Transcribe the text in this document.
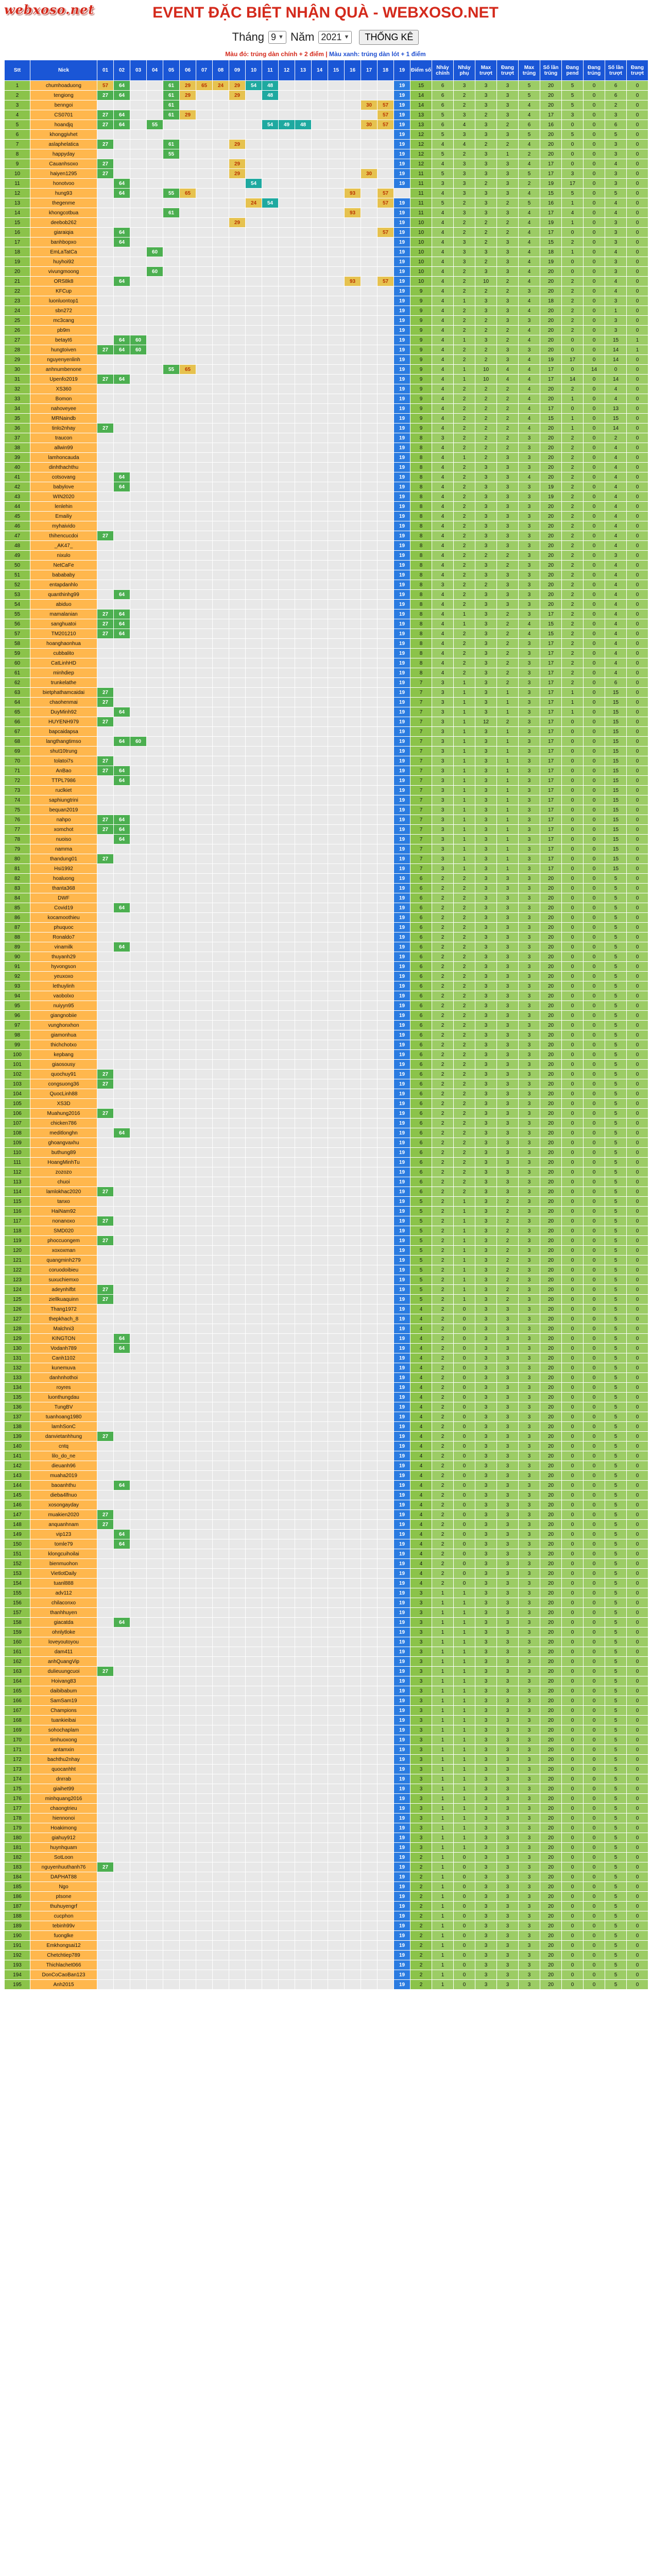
webxoso.net	EVENT ĐẶC BIỆT NHẬN QUÀ - WEBXOSO.NET
Tháng 9 ▼ Năm 2021 ▼	THỐNG KÊ
Màu đỏ: trúng dàn chính + 2 điểm | Màu xanh: trúng dàn lót + 1 điểm
Stt	Nick	01	02	03	04	05	06	07	08	09	10	11	12	13	14	15	16	17	18	19	Điểm số	Nháy chính	Nháy phụ	Max trượt	Đang trượt	Max trúng	Số lần trúng	Đang pend	Đang trúng	Số lần trượt	Đang trượt
1	chumhoaduong	57	64			61	29	65	24	29	54	48								19	15	6	3	3	3	5	20	5	0	6	0
2	tengiong	27	64			61	29			29		48								19	14	6	2	3	3	5	20	5	0	6	0
3	benngoi					61												30	57	19	14	6	2	3	3	4	20	5	0	2	0
4	CS0701	27	64			61	29												57	19	13	5	3	2	3	4	17	3	0	3	0
5	hoandjq	27	64		55							54	49	48				30	57	19	13	6	4	3	2	6	16	0	0	6	0
6	khonggivhet																			19	12	5	3	3	3	5	20	5	0	5	0
7	aslaphelatica	27				61				29										19	12	4	4	2	2	4	20	0	0	3	0
8	happyday					55														19	12	5	2	3	1	2	20	0	0	3	0
9	Cauanhsoxo	27								29										19	12	4	3	3	3	4	17	0	0	4	0
10	haiyen1295	27								29								30		19	11	5	3	3	3	5	17	3	0	3	0
11	honotvoo		64								54									19	11	3	3	2	3	2	19	17	0	3	0
12	hung93		64			55	65										93		57		11	4	3	3	3	4	15	5	0	5	0
13	thegenme										24	54							57	19	11	5	2	3	2	5	16	1	0	4	0
14	khongcotbua					61											93			19	11	4	3	3	3	4	17	4	0	4	0
15	deebob262									29										19	10	4	2	2	2	4	19	1	0	3	0
16	giaraiqia		64																57	19	10	4	2	2	2	4	17	0	0	3	0
17	banhbopxo		64																	19	10	4	3	2	3	4	15	2	0	3	0
18	EmLaTatCa				60															19	10	4	3	3	3	4	18	1	0	4	0
19	huyhoi92																			19	10	4	3	2	3	4	19	0	0	3	0
20	vivungmoong				60															19	10	4	2	3	3	4	20	0	0	3	0
21	ORS8k8		64														93		57	19	10	4	2	10	2	4	20	2	0	4	0
22	KFCup																			19	9	4	2	2	2	3	20	2	0	4	0
23	luonluontop1																			19	9	4	1	3	3	4	18	2	0	3	0
24	sbn272																			19	9	4	2	3	3	4	20	2	0	1	0
25	mc3cang																			19	9	4	2	2	3	3	20	2	0	3	0
26	pb9m																			19	9	4	2	2	2	4	20	2	0	3	0
27	betayt6		64	60																19	9	4	1	3	2	4	20	0	0	15	1
28	hungtoiven	27	64	60																19	9	4	2	2	3	3	20	0	0	14	1
29	nguyenyenlinh																			19	9	4	2	2	3	4	19	17	0	14	0
30	anhnumbenone					55	65													19	9	4	1	10	4	4	17	0	14	0	0
31	Upenfo2019	27	64																	19	9	4	1	10	4	4	17	14	0	14	0
32	XS360																			19	9	4	2	2	2	4	20	2	0	4	0
33	Bomon																			19	9	4	2	2	2	4	20	1	0	4	0
34	nahoveyee																			19	9	4	2	2	2	4	17	0	0	13	0
35	MRNaindb																			19	9	4	2	2	2	4	15	1	0	15	0
36	tinlo2nhay	27																		19	9	4	2	2	2	4	20	1	0	14	0
37	traucon																			19	8	3	2	2	2	3	20	2	0	2	0
38	allwin99																			19	8	4	2	2	2	3	20	2	0	4	0
39	lamhoncauda																			19	8	4	1	2	3	3	20	2	0	4	0
40	dinhthachthu																			19	8	4	2	3	3	3	20	2	0	4	0
41	cotsovang		64																	19	8	4	2	3	3	4	20	2	0	4	0
42	babylove		64																	19	8	4	2	3	3	3	19	2	0	4	0
43	WIN2020																			19	8	4	2	3	3	3	19	2	0	4	0
44	lenlehin																			19	8	4	2	3	3	3	20	2	0	4	0
45	Emailiy																			19	8	4	2	3	3	3	20	2	0	4	0
46	myhaivido																			19	8	4	2	3	3	3	20	2	0	4	0
47	thihencucdoi	27																		19	8	4	2	3	3	3	20	2	0	4	0
48	_AK47_																			19	8	4	2	3	3	3	20	2	0	4	0
49	nixulo																			19	8	4	2	2	2	3	20	2	0	3	0
50	NetCaFe																			19	8	4	2	3	2	3	20	2	0	4	0
51	babababy																			19	8	4	2	3	3	3	20	2	0	4	0
52	entapdanhlo																			19	8	3	2	2	3	3	20	2	0	4	0
53	quanthinhg99		64																	19	8	4	2	3	3	3	20	2	0	4	0
54	abiduo																			19	8	4	2	3	3	3	20	2	0	4	0
55	mamalanian	27	64																	19	8	4	1	3	2	3	17	2	0	4	0
56	sanghuatoi	27	64																	19	8	4	1	3	2	4	15	2	0	4	0
57	TM201210	27	64																	19	8	4	2	3	2	4	15	2	0	4	0
58	hoanghaonhua																			19	8	4	2	3	2	3	17	2	0	4	0
59	cubbalito																			19	8	4	2	3	2	3	17	2	0	4	0
60	CatLinhHD																			19	8	4	2	3	2	3	17	2	0	4	0
61	minhdiep																			19	8	4	2	3	2	3	17	2	0	4	0
62	trunkelathe																			19	7	3	1	3	2	3	17	2	0	6	0
63	bietphathamcaidai	27																		19	7	3	1	3	1	3	17	1	0	15	0
64	chaohenmai	27																		19	7	3	1	3	1	3	17	1	0	15	0
65	DuyMinh92		64																	19	7	3	1	3	1	3	17	1	0	15	0
66	HUYENH979	27																		19	7	3	1	12	2	3	17	0	0	15	0
67	bapcaidapsa																			19	7	3	1	3	1	3	17	0	0	15	0
68	langthangtimso		64	60																19	7	3	1	3	1	3	17	0	0	15	0
69	shut10trung																			19	7	3	1	3	1	3	17	0	0	15	0
70	tolatoi7s	27																		19	7	3	1	3	1	3	17	0	0	15	0
71	AnBao	27	64																	19	7	3	1	3	1	3	17	0	0	15	0
72	TTPL7986		64																	19	7	3	1	3	1	3	17	0	0	15	0
73	ruclkiet																			19	7	3	1	3	1	3	17	0	0	15	0
74	saphiungtrini																			19	7	3	1	3	1	3	17	0	0	15	0
75	bequan2019																			19	7	3	1	3	1	3	17	0	0	15	0
76	nahpo	27	64																	19	7	3	1	3	1	3	17	0	0	15	0
77	xomchot	27	64																	19	7	3	1	3	1	3	17	0	0	15	0
78	nuoiso		64																	19	7	3	1	3	1	3	17	0	0	15	0
79	namma																			19	7	3	1	3	1	3	17	0	0	15	0
80	thandung01	27																		19	7	3	1	3	1	3	17	0	0	15	0
81	Hsi1992																			19	7	3	1	3	1	3	17	0	0	15	0
82	hoaluong																			19	6	2	2	3	3	3	20	0	0	5	0
83	thanta368																			19	6	2	2	3	3	3	20	0	0	5	0
84	DWF																			19	6	2	2	3	3	3	20	0	0	5	0
85	Covid19		64																	19	6	2	2	3	3	3	20	0	0	5	0
86	kocamoothieu																			19	6	2	2	3	3	3	20	0	0	5	0
87	phuquoc																			19	6	2	2	3	3	3	20	0	0	5	0
88	Ronaldo7																			19	6	2	2	3	3	3	20	0	0	5	0
89	vinamilk		64																	19	6	2	2	3	3	3	20	0	0	5	0
90	thuyanh29																			19	6	2	2	3	3	3	20	0	0	5	0
91	hyvongson																			19	6	2	2	3	3	3	20	0	0	5	0
92	yeuxoxo																			19	6	2	2	3	3	3	20	0	0	5	0
93	lethuylinh																			19	6	2	2	3	3	3	20	0	0	5	0
94	vaobolxo																			19	6	2	2	3	3	3	20	0	0	5	0
95	nuiyyn95																			19	6	2	2	3	3	3	20	0	0	5	0
96	giangnobiie																			19	6	2	2	3	3	3	20	0	0	5	0
97	vunghonxhon																			19	6	2	2	3	3	3	20	0	0	5	0
98	giamonhua																			19	6	2	2	3	3	3	20	0	0	5	0
99	thichchotxo																			19	6	2	2	3	3	3	20	0	0	5	0
100	kepbang																			19	6	2	2	3	3	3	20	0	0	5	0
101	giaosousy																			19	6	2	2	3	3	3	20	0	0	5	0
102	quochuy91	27																		19	6	2	2	3	3	3	20	0	0	5	0
103	congsuong36	27																		19	6	2	2	3	3	3	20	0	0	5	0
104	QuocLinh88																			19	6	2	2	3	3	3	20	0	0	5	0
105	XS3D																			19	6	2	2	3	3	3	20	0	0	5	0
106	Muahung2016	27																		19	6	2	2	3	3	3	20	0	0	5	0
107	chicken786																			19	6	2	2	3	3	3	20	0	0	5	0
108	meditlonghn		64																	19	6	2	2	3	3	3	20	0	0	5	0
109	ghoangvaxhu																			19	6	2	2	3	3	3	20	0	0	5	0
110	buthung89																			19	6	2	2	3	3	3	20	0	0	5	0
111	HoangMinhTu																			19	6	2	2	3	3	3	20	0	0	5	0
112	zozozo																			19	6	2	2	3	3	3	20	0	0	5	0
113	chuoi																			19	6	2	2	3	3	3	20	0	0	5	0
114	lamlokhac2020	27																		19	6	2	2	3	3	3	20	0	0	5	0
115	tanxo																			19	5	2	1	3	2	3	20	0	0	5	0
116	HaiNam92																			19	5	2	1	3	2	3	20	0	0	5	0
117	nonanoxo	27																		19	5	2	1	3	2	3	20	0	0	5	0
118	SMD020																			19	5	2	1	3	2	3	20	0	0	5	0
119	phoccuongem	27																		19	5	2	1	3	2	3	20	0	0	5	0
120	xoxoxman																			19	5	2	1	3	2	3	20	0	0	5	0
121	quangminh279																			19	5	2	1	3	2	3	20	0	0	5	0
122	coruodoibieu																			19	5	2	1	3	2	3	20	0	0	5	0
123	suxuchiemxo																			19	5	2	1	3	2	3	20	0	0	5	0
124	adeynhifbt	27																		19	5	2	1	3	2	3	20	0	0	5	0
125	ziellkuaquinn	27																		19	5	2	1	3	2	3	20	0	0	5	0
126	Thang1972																			19	4	2	0	3	3	3	20	0	0	5	0
127	thepkhach_8																			19	4	2	0	3	3	3	20	0	0	5	0
128	Malchni3																			19	4	2	0	3	3	3	20	0	0	5	0
129	KINGTON		64																	19	4	2	0	3	3	3	20	0	0	5	0
130	Vodanh789		64																	19	4	2	0	3	3	3	20	0	0	5	0
131	Canh1102																			19	4	2	0	3	3	3	20	0	0	5	0
132	kunemuva																			19	4	2	0	3	3	3	20	0	0	5	0
133	danhnhothoi																			19	4	2	0	3	3	3	20	0	0	5	0
134	royres																			19	4	2	0	3	3	3	20	0	0	5	0
135	luonthungdau																			19	4	2	0	3	3	3	20	0	0	5	0
136	TungBV																			19	4	2	0	3	3	3	20	0	0	5	0
137	tuanhoang1980																			19	4	2	0	3	3	3	20	0	0	5	0
138	lamhSonC																			19	4	2	0	3	3	3	20	0	0	5	0
139	danvietanhhung	27																		19	4	2	0	3	3	3	20	0	0	5	0
140	cntq																			19	4	2	0	3	3	3	20	0	0	5	0
141	lilo_do_ne																			19	4	2	0	3	3	3	20	0	0	5	0
142	dieuanh96																			19	4	2	0	3	3	3	20	0	0	5	0
143	muaha2019																			19	4	2	0	3	3	3	20	0	0	5	0
144	baoanhthu		64																	19	4	2	0	3	3	3	20	0	0	5	0
145	dieba4lfnuo																			19	4	2	0	3	3	3	20	0	0	5	0
146	xosongayday																			19	4	2	0	3	3	3	20	0	0	5	0
147	muakien2020	27																		19	4	2	0	3	3	3	20	0	0	5	0
148	anquanhnam	27																		19	4	2	0	3	3	3	20	0	0	5	0
149	vip123		64																	19	4	2	0	3	3	3	20	0	0	5	0
150	tomle79		64																	19	4	2	0	3	3	3	20	0	0	5	0
151	klongcuihoilai																			19	4	2	0	3	3	3	20	0	0	5	0
152	bienmuohon																			19	4	2	0	3	3	3	20	0	0	5	0
153	VietlotDaily																			19	4	2	0	3	3	3	20	0	0	5	0
154	tuanl888																			19	4	2	0	3	3	3	20	0	0	5	0
155	adv112																			19	3	1	1	3	3	3	20	0	0	5	0
156	chilaconxo																			19	3	1	1	3	3	3	20	0	0	5	0
157	thanhhuyen																			19	3	1	1	3	3	3	20	0	0	5	0
158	giacatda		64																	19	3	1	1	3	3	3	20	0	0	5	0
159	ohnlytloke																			19	3	1	1	3	3	3	20	0	0	5	0
160	loveyoutoyou																			19	3	1	1	3	3	3	20	0	0	5	0
161	dam411																			19	3	1	1	3	3	3	20	0	0	5	0
162	anhQuangVip																			19	3	1	1	3	3	3	20	0	0	5	0
163	dulieuungcuoi	27																		19	3	1	1	3	3	3	20	0	0	5	0
164	Hoivang83																			19	3	1	1	3	3	3	20	0	0	5	0
165	daibibabum																			19	3	1	1	3	3	3	20	0	0	5	0
166	SamSam19																			19	3	1	1	3	3	3	20	0	0	5	0
167	Champions																			19	3	1	1	3	3	3	20	0	0	5	0
168	tuankieibai																			19	3	1	1	3	3	3	20	0	0	5	0
169	sohochaplam																			19	3	1	1	3	3	3	20	0	0	5	0
170	timhuoxong																			19	3	1	1	3	3	3	20	0	0	5	0
171	antamxin																			19	3	1	1	3	3	3	20	0	0	5	0
172	bachthu2nhay																			19	3	1	1	3	3	3	20	0	0	5	0
173	quocanhht																			19	3	1	1	3	3	3	20	0	0	5	0
174	dnrrab																			19	3	1	1	3	3	3	20	0	0	5	0
175	giaihet99																			19	3	1	1	3	3	3	20	0	0	5	0
176	minhquang2016																			19	3	1	1	3	3	3	20	0	0	5	0
177	chaongtrieu																			19	3	1	1	3	3	3	20	0	0	5	0
178	hiennonoi																			19	3	1	1	3	3	3	20	0	0	5	0
179	Hoakimong																			19	3	1	1	3	3	3	20	0	0	5	0
180	giahuy912																			19	3	1	1	3	3	3	20	0	0	5	0
181	huynhquam																			19	3	1	1	3	3	3	20	0	0	5	0
182	SotLoon																			19	2	1	0	3	3	3	20	0	0	5	0
183	nguyenhuuthanh76	27																		19	2	1	0	3	3	3	20	0	0	5	0
184	DAPHAT88																			19	2	1	0	3	3	3	20	0	0	5	0
185	Ngo																			19	2	1	0	3	3	3	20	0	0	5	0
186	ptsone																			19	2	1	0	3	3	3	20	0	0	5	0
187	thuhuyengrf																			19	2	1	0	3	3	3	20	0	0	5	0
188	cucphon																			19	2	1	0	3	3	3	20	0	0	5	0
189	tebinh99v																			19	2	1	0	3	3	3	20	0	0	5	0
190	fuonglke																			19	2	1	0	3	3	3	20	0	0	5	0
191	Emkhongsai12																			19	2	1	0	3	3	3	20	0	0	5	0
192	Chetchtiep789																			19	2	1	0	3	3	3	20	0	0	5	0
193	Thichlachet066																			19	2	1	0	3	3	3	20	0	0	5	0
194	DonCoCaoBan123																			19	2	1	0	3	3	3	20	0	0	5	0
195	Anh2015																			19	2	1	0	3	3	3	20	0	0	5	0
